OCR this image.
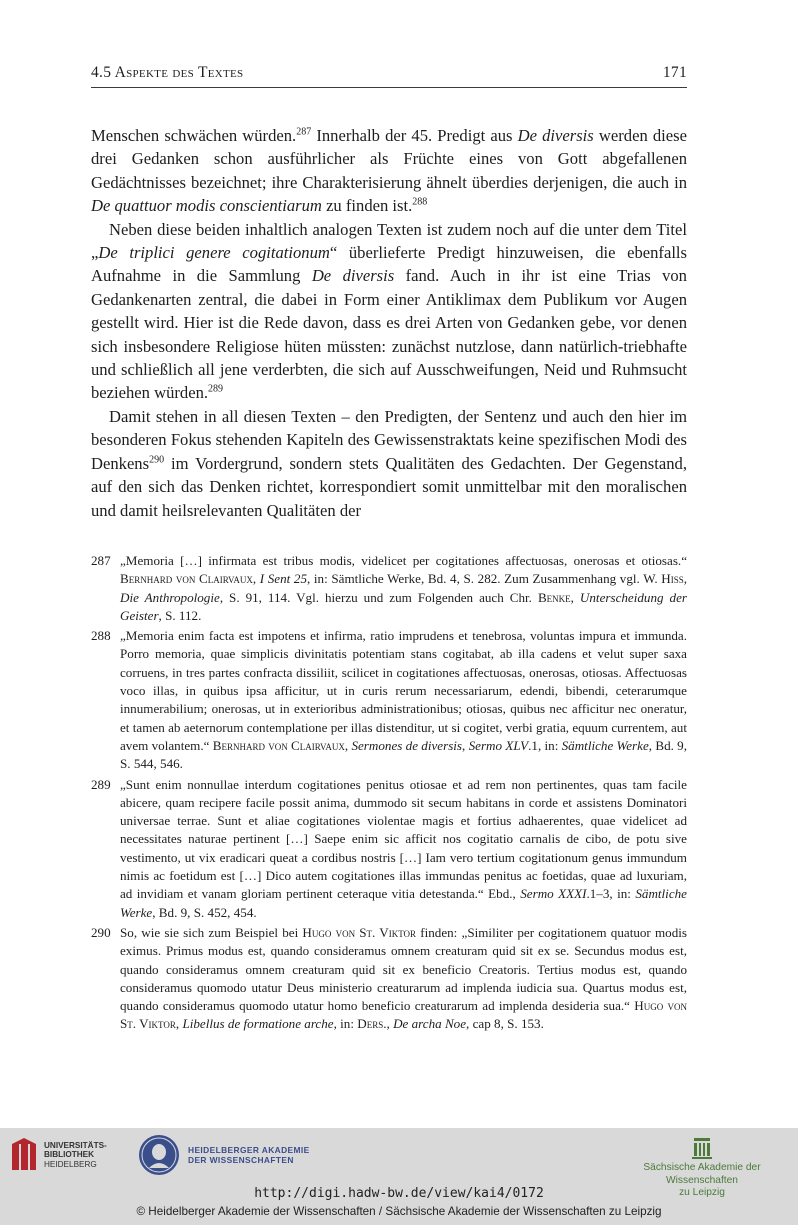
4.5 Aspekte des Textes	171

Menschen schwächen würden.$^{287}$ Innerhalb der 45. Predigt aus De diversis werden diese drei Gedanken schon ausführlicher als Früchte eines von Gott abgefallenen Gedächtnisses bezeichnet; ihre Charakterisierung ähnelt überdies derjenigen, die auch in De quattuor modis conscientiarum zu finden ist.$^{288}$

Neben diese beiden inhaltlich analogen Texten ist zudem noch auf die unter dem Titel „De triplici genere cogitationum“ überlieferte Predigt hinzuweisen, die ebenfalls Aufnahme in die Sammlung De diversis fand. Auch in ihr ist eine Trias von Gedankenarten zentral, die dabei in Form einer Antiklimax dem Publikum vor Augen gestellt wird. Hier ist die Rede davon, dass es drei Arten von Gedanken gebe, vor denen sich insbesondere Religiose hüten müssten: zunächst nutzlose, dann natürlich-triebhafte und schließlich all jene verderbten, die sich auf Ausschweifungen, Neid und Ruhmsucht beziehen würden.$^{289}$

Damit stehen in all diesen Texten – den Predigten, der Sentenz und auch den hier im besonderen Fokus stehenden Kapiteln des Gewissenstraktats keine spezifischen Modi des Denkens$^{290}$ im Vordergrund, sondern stets Qualitäten des Gedachten. Der Gegenstand, auf den sich das Denken richtet, korrespondiert somit unmittelbar mit den moralischen und damit heilsrelevanten Qualitäten der

287 „Memoria […] infirmata est tribus modis, videlicet per cogitationes affectuosas, onerosas et otiosas.“ Bernhard von Clairvaux, I Sent 25, in: Sämtliche Werke, Bd. 4, S. 282. Zum Zusammenhang vgl. W. Hiss, Die Anthropologie, S. 91, 114. Vgl. hierzu und zum Folgenden auch Chr. Benke, Unterscheidung der Geister, S. 112.
288 „Memoria enim facta est impotens et infirma, ratio imprudens et tenebrosa, voluntas impura et immunda. Porro memoria, quae simplicis divinitatis potentiam stans cogitabat, ab illa cadens et velut super saxa corruens, in tres partes confracta dissiliit, scilicet in cogitationes affectuosas, onerosas, otiosas. Affectuosas voco illas, in quibus ipsa afficitur, ut in curis rerum necessariarum, edendi, bibendi, ceterarumque innumerabilium; onerosas, ut in exterioribus administrationibus; otiosas, quibus nec afficitur nec oneratur, et tamen ab aeternorum contemplatione per illas distenditur, ut si cogitet, verbi gratia, equum currentem, aut avem volantem.“ Bernhard von Clairvaux, Sermones de diversis, Sermo XLV.1, in: Sämtliche Werke, Bd. 9, S. 544, 546.
289 „Sunt enim nonnullae interdum cogitationes penitus otiosae et ad rem non pertinentes, quas tam facile abicere, quam recipere facile possit anima, dummodo sit secum habitans in corde et assistens Dominatori universae terrae. Sunt et aliae cogitationes violentae magis et fortius adhaerentes, quae videlicet ad necessitates naturae pertinent […] Saepe enim sic afficit nos cogitatio carnalis de cibo, de potu sive vestimento, ut vix eradicari queat a cordibus nostris […] Iam vero tertium cogitationum genus immundum nimis ac foetidum est […] Dico autem cogitationes illas immundas penitus ac foetidas, quae ad luxuriam, ad invidiam et vanam gloriam pertinent ceteraque vitia detestanda.“ Ebd., Sermo XXXI.1–3, in: Sämtliche Werke, Bd. 9, S. 452, 454.
290 So, wie sie sich zum Beispiel bei Hugo von St. Viktor finden: „Similiter per cogitationem quatuor modis eximus. Primus modus est, quando consideramus omnem creaturam quid sit ex se. Secundus modus est, quando consideramus omnem creaturam quid sit ex beneficio Creatoris. Tertius modus est, quando consideramus quomodo utatur Deus ministerio creaturarum ad implenda iudicia sua. Quartus modus est, quando consideramus quomodo utatur homo beneficio creaturarum ad implenda desideria sua.“ Hugo von St. Viktor, Libellus de formatione arche, in: Ders., De archa Noe, cap 8, S. 153.
UNIVERSITÄTS-
BIBLIOTHEK
HEIDELBERG
HEIDELBERGER AKADEMIE
DER WISSENSCHAFTEN
Sächsische Akademie der Wissenschaften
zu Leipzig
http://digi.hadw-bw.de/view/kai4/0172
© Heidelberger Akademie der Wissenschaften / Sächsische Akademie der Wissenschaften zu Leipzig
